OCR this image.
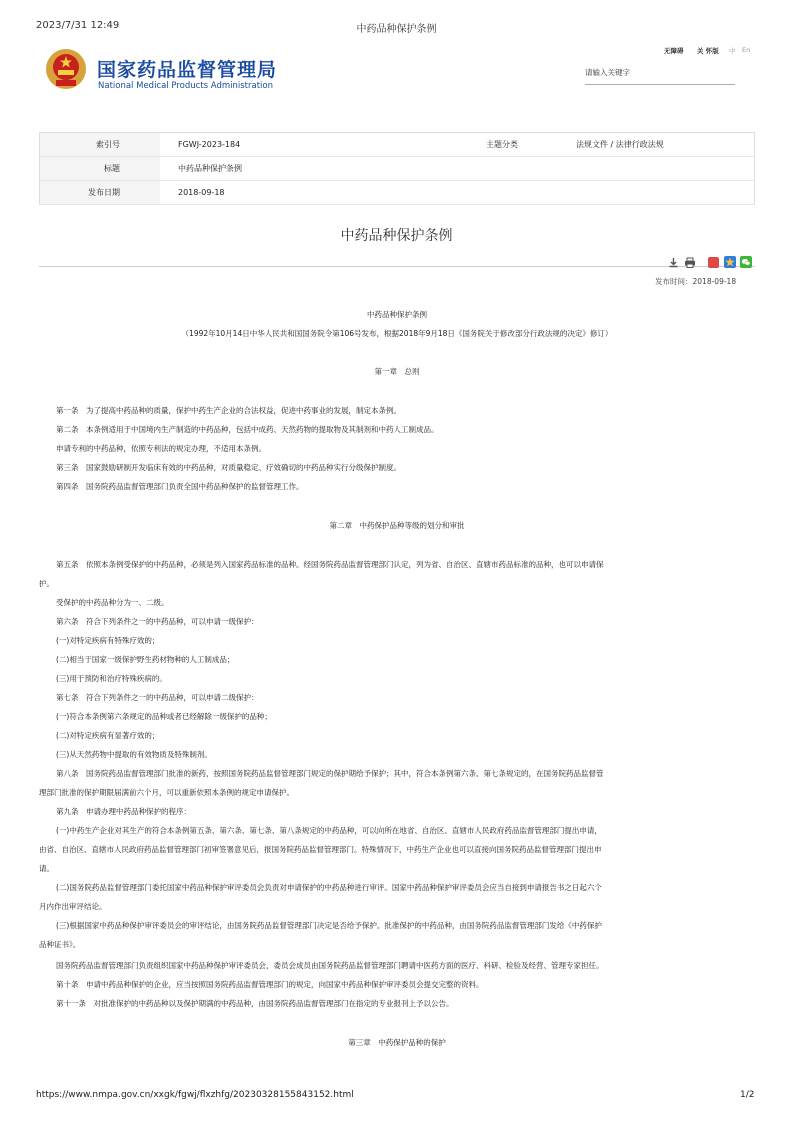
2023/7/31 12:49	中药品种保护条例
国家药品监督管理局
National Medical Products Administration
无障碍 关 怀版 中 En
请输入关键字
索引号	FGWJ-2023-184	主题分类	法规文件 / 法律行政法规
标题	中药品种保护条例		
发布日期	2018-09-18		
中药品种保护条例
发布时间：2018-09-18
中药品种保护条例
（1992年10月14日中华人民共和国国务院令第106号发布，根据2018年9月18日《国务院关于修改部分行政法规的决定》修订）
第一章　总则
第一条　为了提高中药品种的质量，保护中药生产企业的合法权益，促进中药事业的发展，制定本条例。
第二条　本条例适用于中国境内生产制造的中药品种，包括中成药、天然药物的提取物及其制剂和中药人工制成品。
申请专利的中药品种，依照专利法的规定办理，不适用本条例。
第三条　国家鼓励研制开发临床有效的中药品种，对质量稳定、疗效确切的中药品种实行分级保护制度。
第四条　国务院药品监督管理部门负责全国中药品种保护的监督管理工作。
第二章　中药保护品种等级的划分和审批
第五条　依照本条例受保护的中药品种，必须是列入国家药品标准的品种。经国务院药品监督管理部门认定，列为省、自治区、直辖市药品标准的品种，也可以申请保
护。
受保护的中药品种分为一、二级。
第六条　符合下列条件之一的中药品种，可以申请一级保护：
(一)对特定疾病有特殊疗效的；
(二)相当于国家一级保护野生药材物种的人工制成品；
(三)用于预防和治疗特殊疾病的。
第七条　符合下列条件之一的中药品种，可以申请二级保护：
(一)符合本条例第六条规定的品种或者已经解除一级保护的品种；
(二)对特定疾病有显著疗效的；
(三)从天然药物中提取的有效物质及特殊制剂。
第八条　国务院药品监督管理部门批准的新药，按照国务院药品监督管理部门规定的保护期给予保护；其中，符合本条例第六条、第七条规定的，在国务院药品监督管
理部门批准的保护期限届满前六个月，可以重新依照本条例的规定申请保护。
第九条　申请办理中药品种保护的程序：
(一)中药生产企业对其生产的符合本条例第五条、第六条、第七条、第八条规定的中药品种，可以向所在地省、自治区、直辖市人民政府药品监督管理部门提出申请，
由省、自治区、直辖市人民政府药品监督管理部门初审签署意见后，报国务院药品监督管理部门。特殊情况下，中药生产企业也可以直接向国务院药品监督管理部门提出申
请。
(二)国务院药品监督管理部门委托国家中药品种保护审评委员会负责对申请保护的中药品种进行审评。国家中药品种保护审评委员会应当自接到申请报告书之日起六个
月内作出审评结论。
(三)根据国家中药品种保护审评委员会的审评结论，由国务院药品监督管理部门决定是否给予保护。批准保护的中药品种，由国务院药品监督管理部门发给《中药保护
品种证书》。
国务院药品监督管理部门负责组织国家中药品种保护审评委员会，委员会成员由国务院药品监督管理部门聘请中医药方面的医疗、科研、检验及经营、管理专家担任。
第十条　申请中药品种保护的企业，应当按照国务院药品监督管理部门的规定，向国家中药品种保护审评委员会提交完整的资料。
第十一条　对批准保护的中药品种以及保护期满的中药品种，由国务院药品监督管理部门在指定的专业报刊上予以公告。
第三章　中药保护品种的保护
https://www.nmpa.gov.cn/xxgk/fgwj/flxzhfg/20230328155843152.html	1/2
